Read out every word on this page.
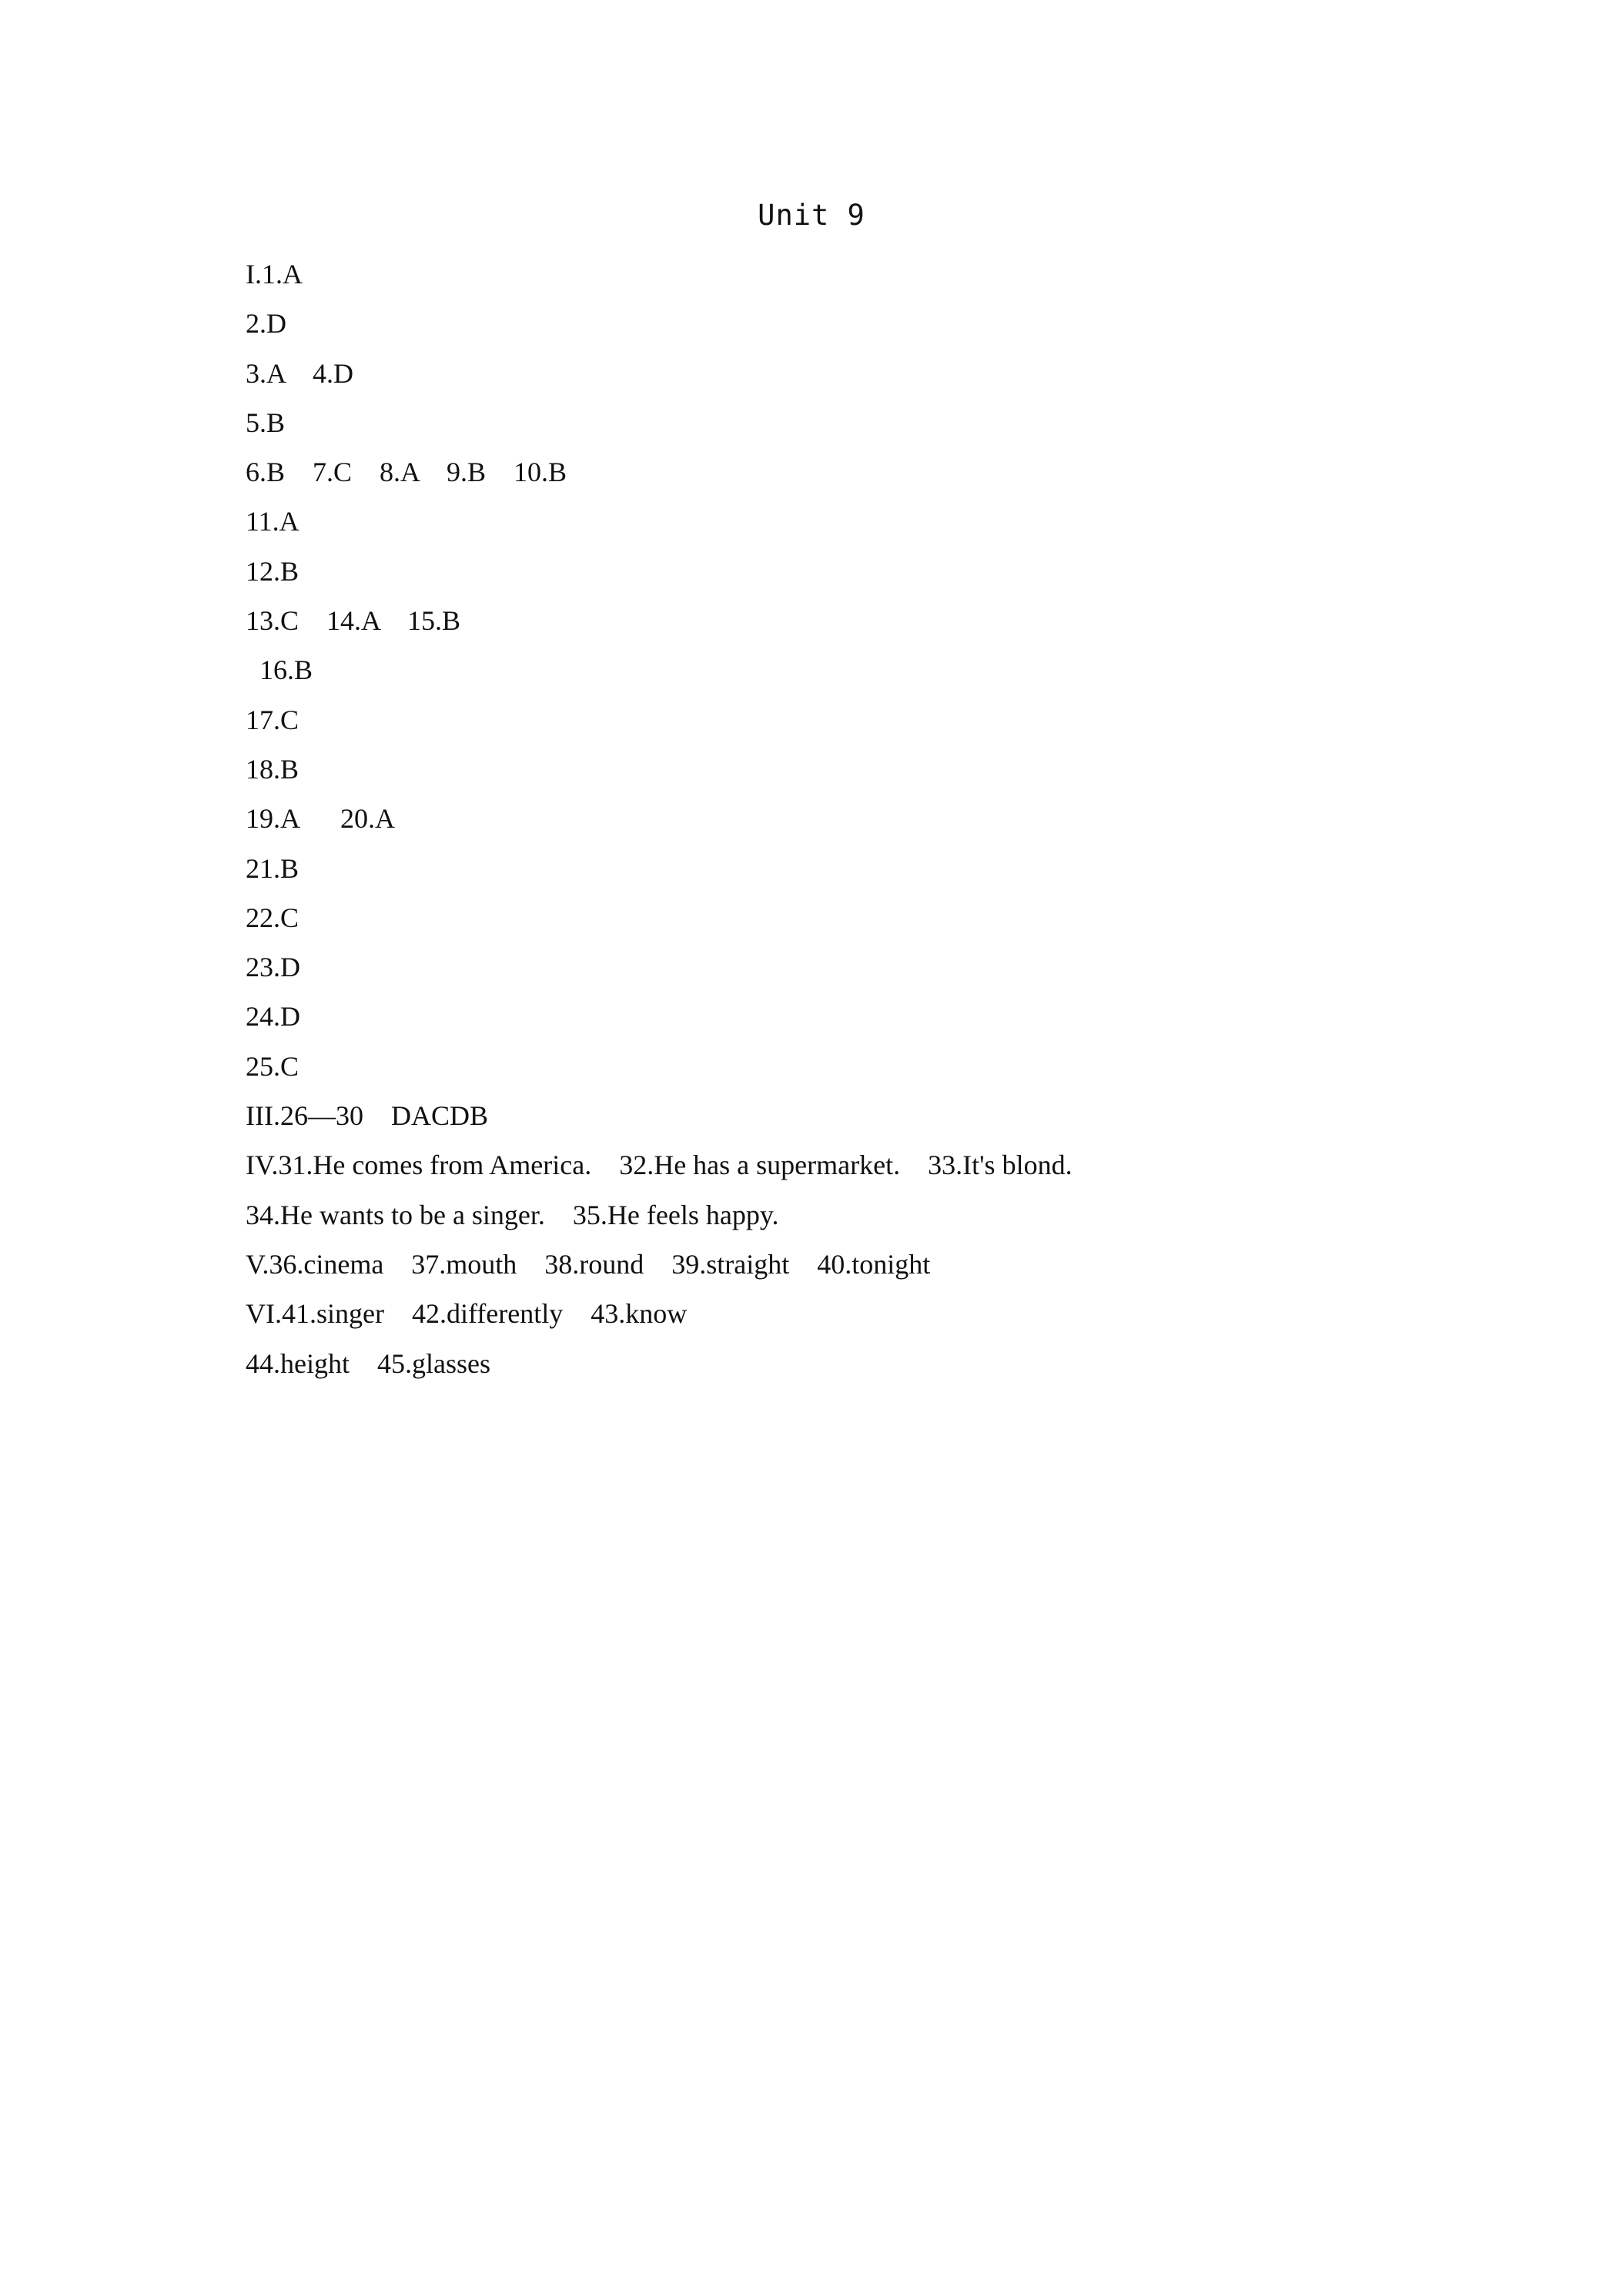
Unit 9
I.1.A
2.D
3.A    4.D
5.B
6.B    7.C    8.A    9.B    10.B
11.A
12.B
13.C    14.A    15.B
16.B
17.C
18.B
19.A      20.A
21.B
22.C
23.D
24.D
25.C
III.26—30    DACDB
IV.31.He comes from America.    32.He has a supermarket.    33.It's blond.
34.He wants to be a singer.    35.He feels happy.
V.36.cinema    37.mouth    38.round    39.straight    40.tonight
VI.41.singer    42.differently    43.know
44.height    45.glasses
